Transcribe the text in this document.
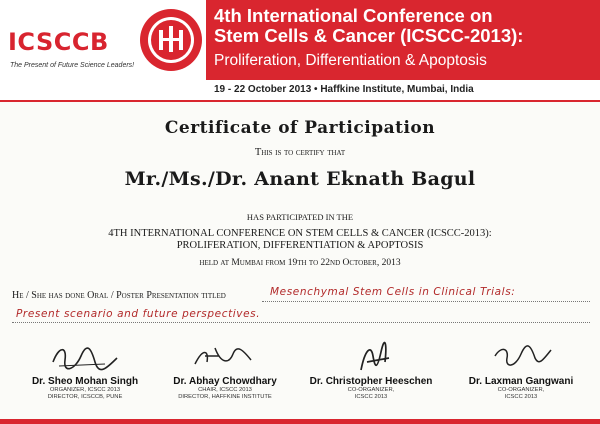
ICSCCB
The Present of Future Science Leaders!
4th International Conference on
Stem Cells & Cancer (ICSCC-2013):
Proliferation, Differentiation & Apoptosis
19 - 22 October 2013 • Haffkine Institute, Mumbai, India
Certificate of Participation
This is to certify that
Mr./Ms./Dr. Anant Eknath Bagul
HAS PARTICIPATED IN THE
4TH INTERNATIONAL CONFERENCE ON STEM CELLS & CANCER (ICSCC-2013):
PROLIFERATION, DIFFERENTIATION & APOPTOSIS
held at Mumbai from 19th to 22nd October, 2013
He / She has done Oral / Poster Presentation titled	Mesenchymal Stem Cells in Clinical Trials:
Present scenario and future perspectives.
Dr. Sheo Mohan Singh
ORGANIZER, ICSCC 2013
DIRECTOR, ICSCCB, PUNE
Dr. Abhay Chowdhary
CHAIR, ICSCC 2013
DIRECTOR, HAFFKINE INSTITUTE
Dr. Christopher Heeschen
CO-ORGANIZER,
ICSCC 2013
Dr. Laxman Gangwani
CO-ORGANIZER,
ICSCC 2013
